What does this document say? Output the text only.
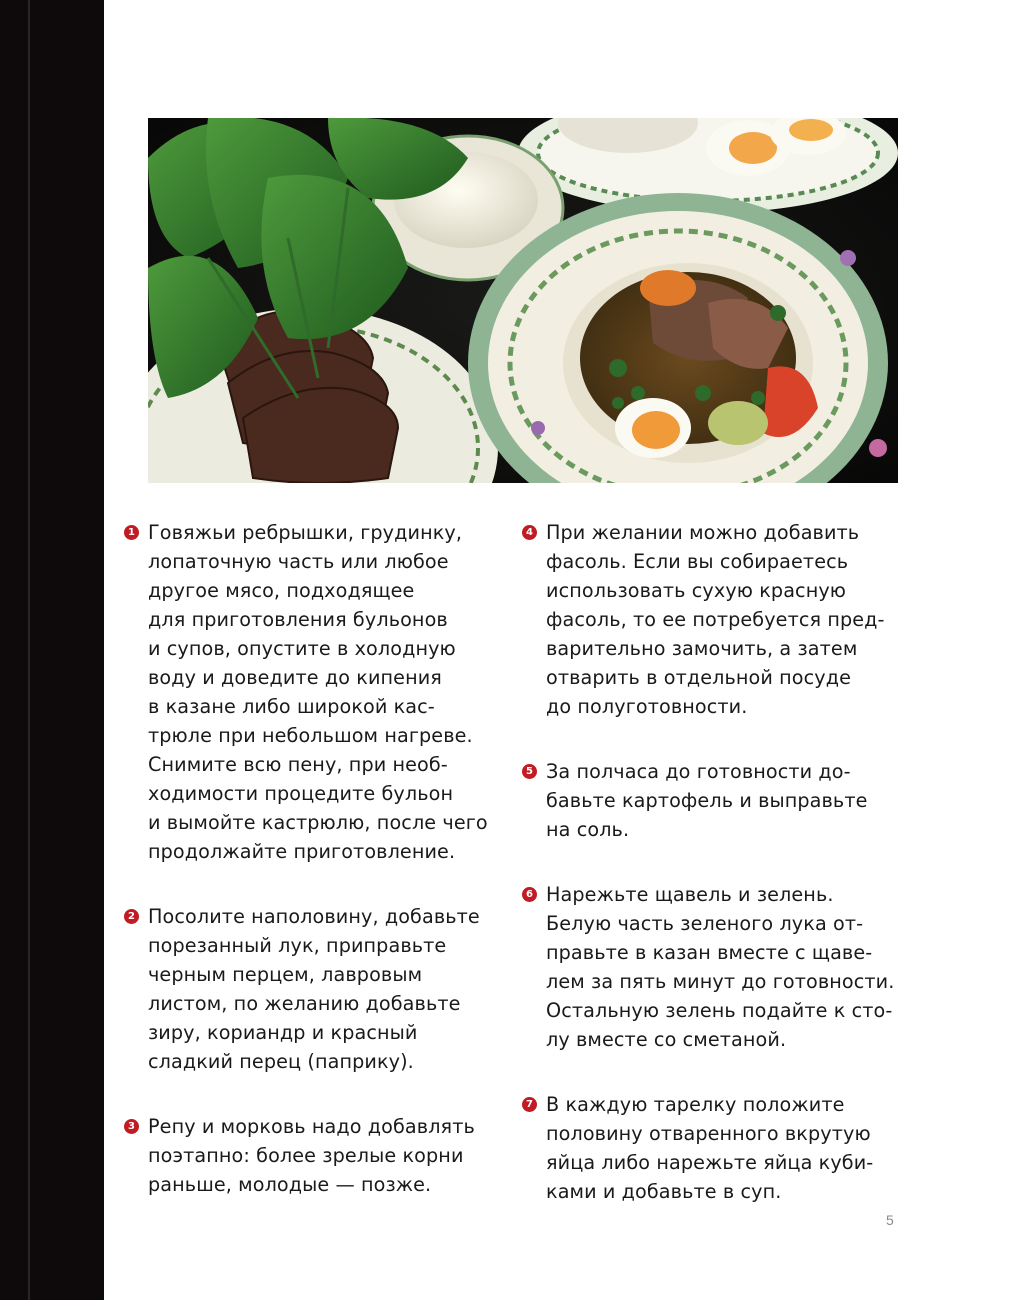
1 Говяжьи ребрышки, грудинку,
лопаточную часть или любое
другое мясо, подходящее
для приготовления бульонов
и супов, опустите в холодную
воду и доведите до кипения
в казане либо широкой кас-
трюле при небольшом нагреве.
Снимите всю пену, при необ-
ходимости процедите бульон
и вымойте кастрюлю, после чего
продолжайте приготовление.
2 Посолите наполовину, добавьте
порезанный лук, приправьте
черным перцем, лавровым
листом, по желанию добавьте
зиру, кориандр и красный
сладкий перец (паприку).
3 Репу и морковь надо добавлять
поэтапно: более зрелые корни
раньше, молодые — позже.
4 При желании можно добавить
фасоль. Если вы собираетесь
использовать сухую красную
фасоль, то ее потребуется пред-
варительно замочить, а затем
отварить в отдельной посуде
до полуготовности.
5 За полчаса до готовности до-
бавьте картофель и выправьте
на соль.
6 Нарежьте щавель и зелень.
Белую часть зеленого лука от-
правьте в казан вместе с щаве-
лем за пять минут до готовности.
Остальную зелень подайте к сто-
лу вместе со сметаной.
7 В каждую тарелку положите
половину отваренного вкрутую
яйца либо нарежьте яйца куби-
ками и добавьте в суп.
5
